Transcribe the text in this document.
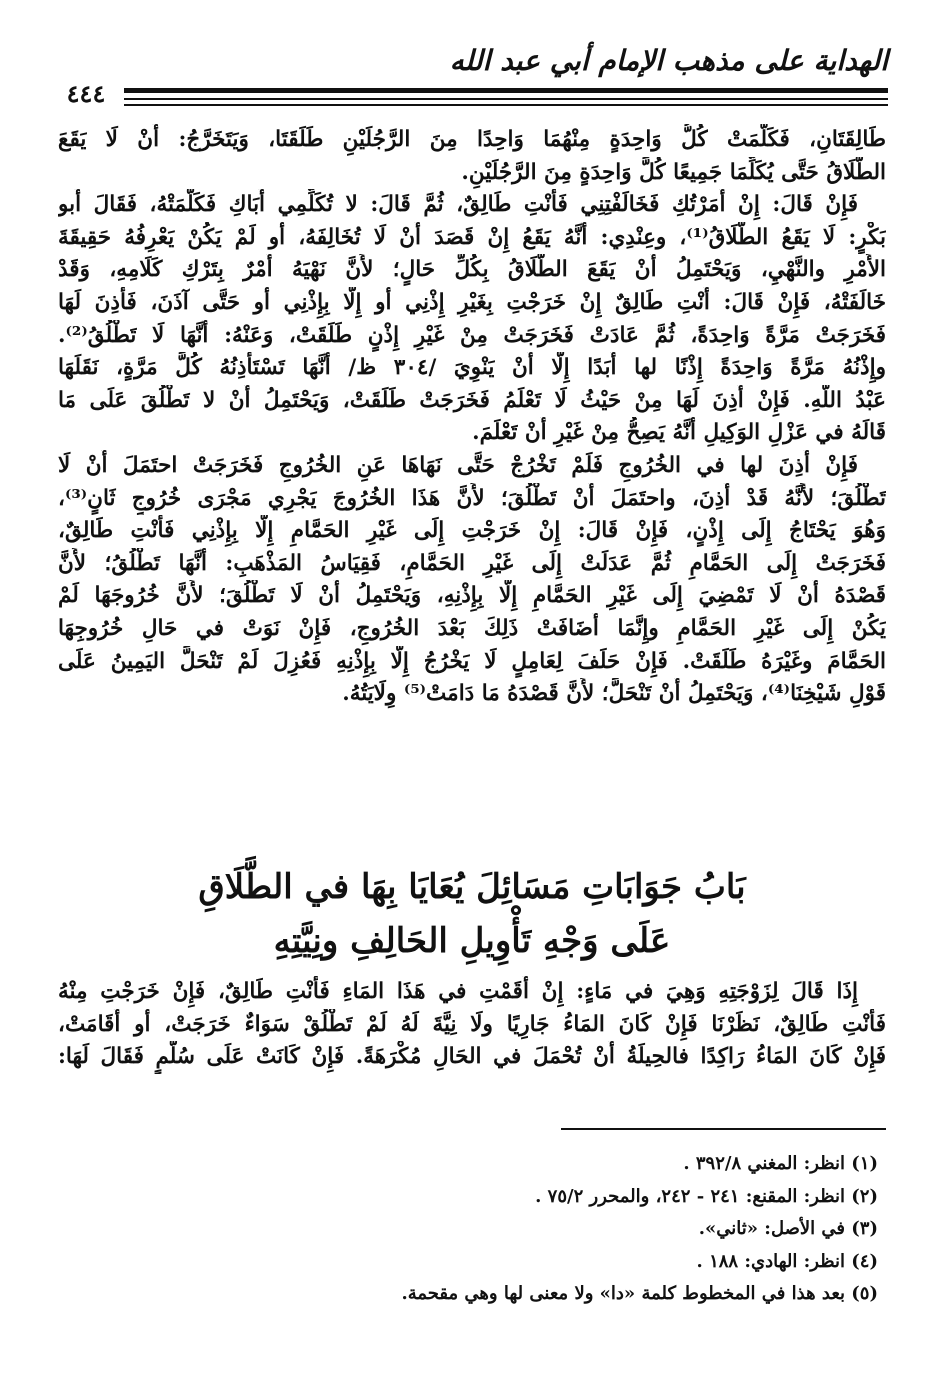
الهداية على مذهب الإمام أبي عبد الله
٤٤٤
طَالِقَتَانِ، فَكَلَّمَتْ كُلُّ وَاحِدَةٍ مِنْهُمَا وَاحِدًا مِنَ الرَّجُلَيْنِ طَلَقَتَا، وَيَتَخَرَّجُ: أَنْ لَا يَقَعَ
الطَّلَاقُ حَتَّى يُكَلِّمَا جَمِيعًا كُلَّ وَاحِدَةٍ مِنَ الرَّجُلَيْنِ.
فَإِنْ قَالَ: إِنْ أَمَرْتُكِ فَخَالَفْتِنِي فَأَنْتِ طَالِقٌ، ثُمَّ قَالَ: لا تُكَلِّمِي أَبَاكِ فَكَلَّمَتْهُ، فَقَالَ أَبو
بَكْرٍ: لَا يَقَعُ الطَّلَاقُ⁽¹⁾، وعِنْدِي: أَنَّهُ يَقَعُ إِنْ قَصَدَ أَنْ لَا تُخَالِفَهُ، أو لَمْ يَكُنْ يَعْرِفُهُ حَقِيقَةَ
الأَمْرِ والنَّهْيِ، وَيَحْتَمِلُ أَنْ يَقَعَ الطَّلَاقُ بِكُلِّ حَالٍ؛ لأَنَّ نَهْيَهُ أَمْرٌ بِتَرْكِ كَلَامِهِ، وَقَدْ
خَالَفَتْهُ، فَإِنْ قَالَ: أَنْتِ طَالِقٌ إِنْ خَرَجْتِ بِغَيْرِ إِذْنِي أو إِلَّا بِإِذْنِي أو حَتَّى آذَنَ، فَأَذِنَ لَهَا
فَخَرَجَتْ مَرَّةً وَاحِدَةً، ثُمَّ عَادَتْ فَخَرَجَتْ مِنْ غَيْرِ إِذْنٍ طَلَقَتْ، وَعَنْهُ: أَنَّهَا لَا تَطْلُقُ⁽²⁾.
وإِذْنُهُ مَرَّةً وَاحِدَةً إِذْنًا لها أَبَدًا إِلَّا أَنْ يَنْوِيَ /٣٠٤ ظ/ أَنَّهَا تَسْتَأْذِنُهُ كُلَّ مَرَّةٍ، نَقَلَهَا
عَبْدُ اللَّهِ. فَإِنْ أَذِنَ لَهَا مِنْ حَيْثُ لَا تَعْلَمُ فَخَرَجَتْ طَلَقَتْ، وَيَحْتَمِلُ أَنْ لا تَطْلُقَ عَلَى مَا
قَالَهُ في عَزْلِ الوَكِيلِ أَنَّهُ يَصِحُّ مِنْ غَيْرِ أَنْ تَعْلَمَ.
فَإِنْ أَذِنَ لها في الخُرُوجِ فَلَمْ تَخْرُجْ حَتَّى نَهَاهَا عَنِ الخُرُوجِ فَخَرَجَتْ احتَمَلَ أَنْ لَا
تَطْلُقَ؛ لأَنَّهُ قَدْ أَذِنَ، واحتَمَلَ أَنْ تَطْلُقَ؛ لأَنَّ هَذَا الخُرُوجَ يَجْرِي مَجْرَى خُرُوجٍ ثَانٍ⁽³⁾،
وَهُوَ يَحْتَاجُ إِلَى إِذْنٍ، فَإِنْ قَالَ: إِنْ خَرَجْتِ إِلَى غَيْرِ الحَمَّامِ إِلَّا بِإِذْنِي فَأَنْتِ طَالِقٌ،
فَخَرَجَتْ إِلَى الحَمَّامِ ثُمَّ عَدَلَتْ إِلَى غَيْرِ الحَمَّامِ، فَقِيَاسُ المَذْهَبِ: أَنَّهَا تَطْلُقُ؛ لأَنَّ
قَصْدَهُ أَنْ لَا تَمْضِيَ إِلَى غَيْرِ الحَمَّامِ إِلَّا بِإِذْنِهِ، وَيَحْتَمِلُ أَنْ لَا تَطْلُقَ؛ لأَنَّ خُرُوجَهَا لَمْ
يَكُنْ إِلَى غَيْرِ الحَمَّامِ وإِنَّمَا أَضَافَتْ ذَلِكَ بَعْدَ الخُرُوجِ، فَإِنْ نَوَتْ في حَالِ خُرُوجِهَا
الحَمَّامَ وغَيْرَهُ طَلَقَتْ. فَإِنْ حَلَفَ لِعَامِلٍ لَا يَخْرُجُ إِلَّا بِإِذْنِهِ فَعُزِلَ لَمْ تَنْحَلَّ اليَمِينُ عَلَى
قَوْلِ شَيْخِنَا⁽⁴⁾، وَيَحْتَمِلُ أَنْ تَنْحَلَّ؛ لأَنَّ قَصْدَهُ مَا دَامَتْ⁽⁵⁾ وِلَايَتُهُ.
بَابُ جَوَابَاتِ مَسَائِلَ يُعَايَا بِهَا في الطَّلَاقِ
عَلَى وَجْهِ تَأْوِيلِ الحَالِفِ ونِيَّتِهِ
إِذَا قَالَ لِزَوْجَتِهِ وَهِيَ في مَاءٍ: إِنْ أَقَمْتِ في هَذَا المَاءِ فَأَنْتِ طَالِقٌ، فَإِنْ خَرَجْتِ مِنْهُ
فَأَنْتِ طَالِقٌ، نَظَرْنَا فَإِنْ كَانَ المَاءُ جَارِيًا ولَا نِيَّةَ لَهُ لَمْ تَطْلُقْ سَوَاءٌ خَرَجَتْ، أو أَقَامَتْ،
فَإِنْ كَانَ المَاءُ رَاكِدًا فالحِيلَةُ أَنْ تُحْمَلَ في الحَالِ مُكْرَهَةً. فَإِنْ كَانَتْ عَلَى سُلَّمٍ فَقَالَ لَهَا:
(١) انظر: المغني ٣٩٢/٨ .
(٢) انظر: المقنع: ٢٤١ - ٢٤٢، والمحرر ٧٥/٢ .
(٣) في الأصل: «ثاني».
(٤) انظر: الهادي: ١٨٨ .
(٥) بعد هذا في المخطوط كلمة «دا» ولا معنى لها وهي مقحمة.
